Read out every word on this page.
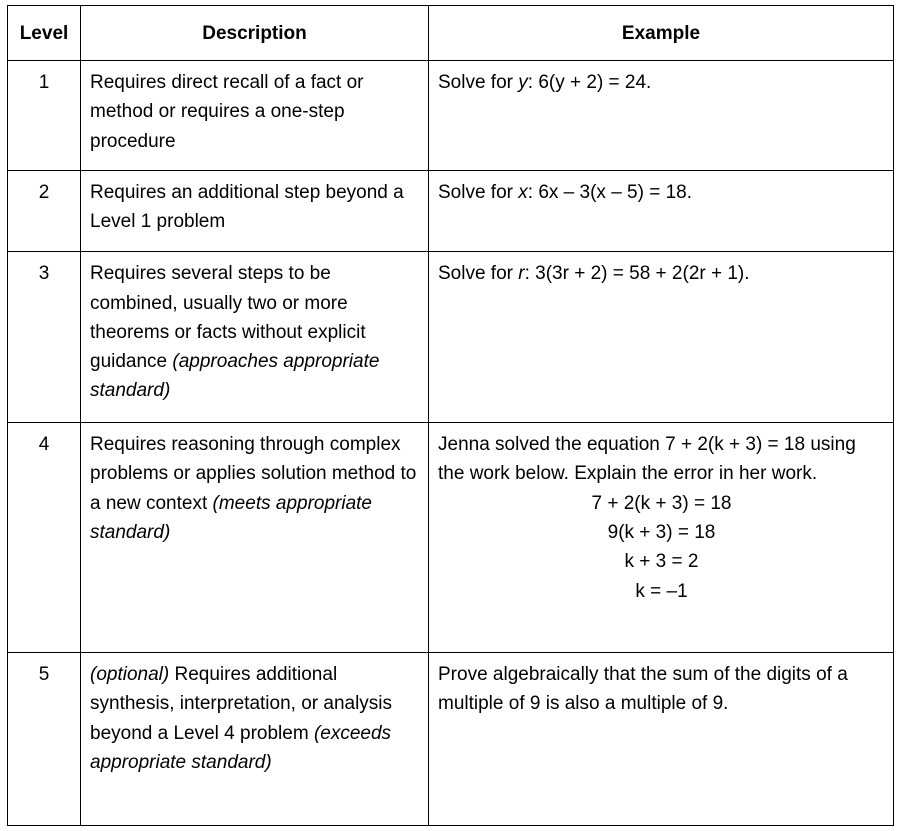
Level	Description	Example
1	Requires direct recall of a fact or method or requires a one-step procedure	Solve for y: 6(y + 2) = 24.
2	Requires an additional step beyond a Level 1 problem	Solve for x: 6x – 3(x – 5) = 18.
3	Requires several steps to be combined, usually two or more theorems or facts without explicit guidance (approaches appropriate standard)	Solve for r: 3(3r + 2) = 58 + 2(2r + 1).
4	Requires reasoning through complex problems or applies solution method to a new context (meets appropriate standard)	Jenna solved the equation 7 + 2(k + 3) = 18 using the work below. Explain the error in her work.
7 + 2(k + 3) = 18
9(k + 3) = 18
k + 3 = 2
k = –1

5	(optional) Requires additional synthesis, interpretation, or analysis beyond a Level 4 problem (exceeds appropriate standard)	Prove algebraically that the sum of the digits of a multiple of 9 is also a multiple of 9.
